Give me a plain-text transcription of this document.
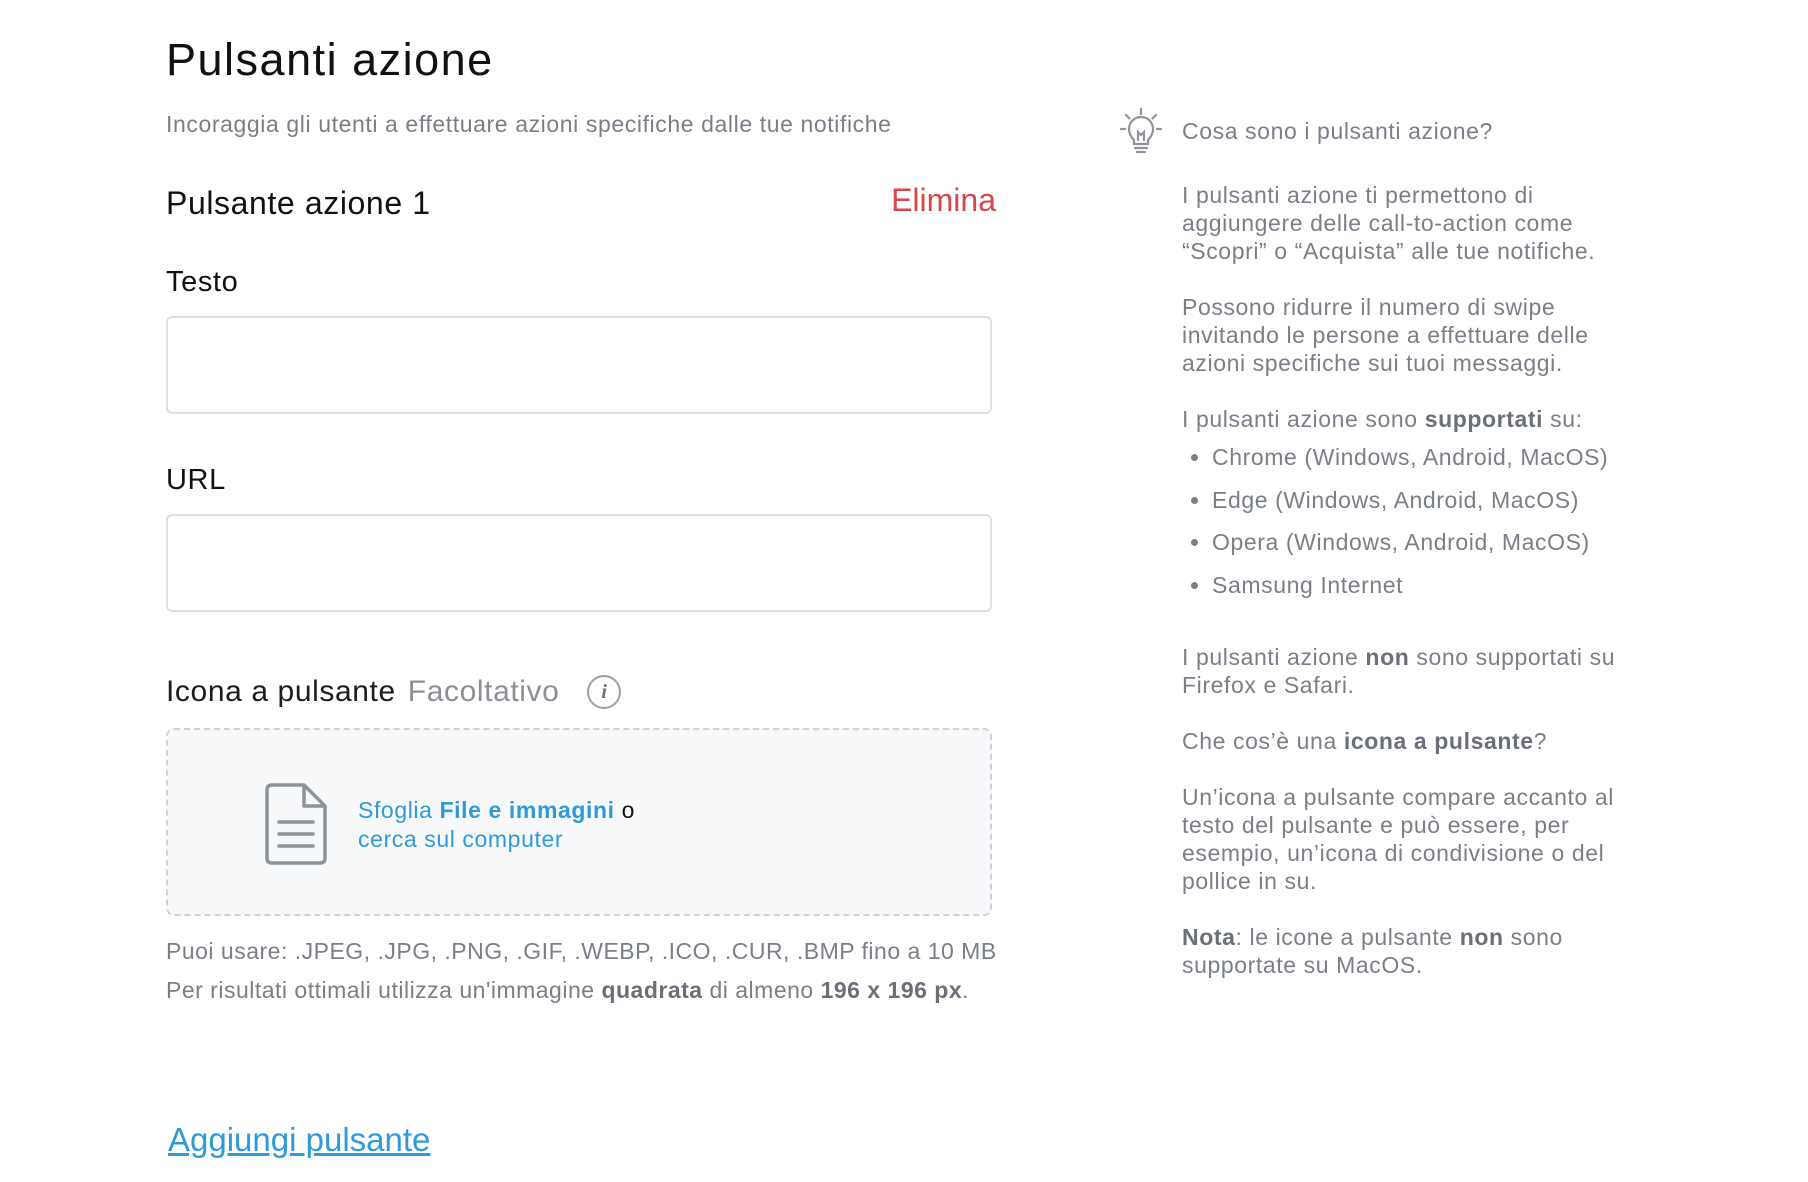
Pulsanti azione
Incoraggia gli utenti a effettuare azioni specifiche dalle tue notifiche
Pulsante azione 1	Elimina
Testo
URL
Icona a pulsante Facoltativo	i
Sfoglia File e immagini o
cerca sul computer
Puoi usare: .JPEG, .JPG, .PNG, .GIF, .WEBP, .ICO, .CUR, .BMP fino a 10 MB
Per risultati ottimali utilizza un'immagine quadrata di almeno 196 x 196 px.
Aggiungi pulsante
Cosa sono i pulsanti azione?

I pulsanti azione ti permettono di aggiungere delle call-to-action come “Scopri” o “Acquista” alle tue notifiche.

Possono ridurre il numero di swipe invitando le persone a effettuare delle azioni specifiche sui tuoi messaggi.

I pulsanti azione sono supportati su:

• Chrome (Windows, Android, MacOS)
• Edge (Windows, Android, MacOS)
• Opera (Windows, Android, MacOS)
• Samsung Internet

I pulsanti azione non sono supportati su Firefox e Safari.

Che cos’è una icona a pulsante?

Un’icona a pulsante compare accanto al testo del pulsante e può essere, per esempio, un’icona di condivisione o del pollice in su.

Nota: le icone a pulsante non sono supportate su MacOS.
